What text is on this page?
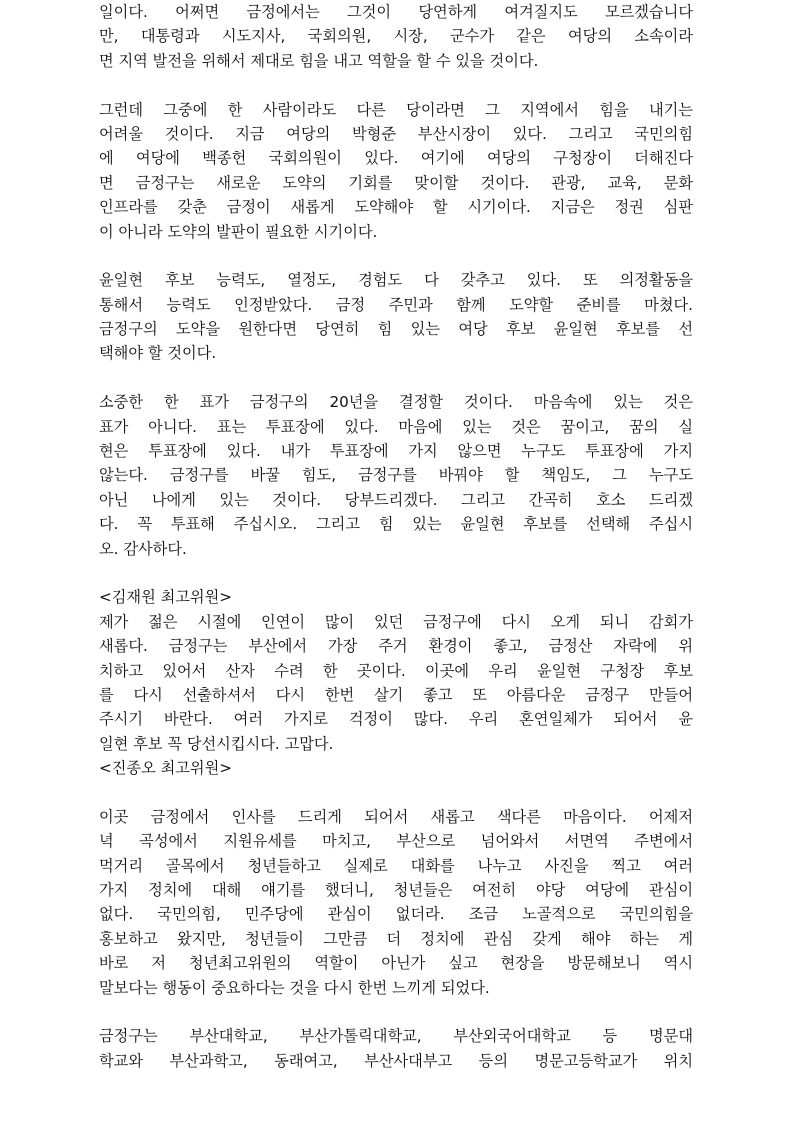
일이다. 어쩌면 금정에서는 그것이 당연하게 여겨질지도 모르겠습니다
만, 대통령과 시도지사, 국회의원, 시장, 군수가 같은 여당의 소속이라
면 지역 발전을 위해서 제대로 힘을 내고 역할을 할 수 있을 것이다.
그런데 그중에 한 사람이라도 다른 당이라면 그 지역에서 힘을 내기는
어려울 것이다. 지금 여당의 박형준 부산시장이 있다. 그리고 국민의힘
에 여당에 백종헌 국회의원이 있다. 여기에 여당의 구청장이 더해진다
면 금정구는 새로운 도약의 기회를 맞이할 것이다. 관광, 교육, 문화
인프라를 갖춘 금정이 새롭게 도약해야 할 시기이다. 지금은 정권 심판
이 아니라 도약의 발판이 필요한 시기이다.
윤일현 후보 능력도, 열정도, 경험도 다 갖추고 있다. 또 의정활동을
통해서 능력도 인정받았다. 금정 주민과 함께 도약할 준비를 마쳤다.
금정구의 도약을 원한다면 당연히 힘 있는 여당 후보 윤일현 후보를 선
택해야 할 것이다.
소중한 한 표가 금정구의 20년을 결정할 것이다. 마음속에 있는 것은
표가 아니다. 표는 투표장에 있다. 마음에 있는 것은 꿈이고, 꿈의 실
현은 투표장에 있다. 내가 투표장에 가지 않으면 누구도 투표장에 가지
않는다. 금정구를 바꿀 힘도, 금정구를 바꿔야 할 책임도, 그 누구도
아닌 나에게 있는 것이다. 당부드리겠다. 그리고 간곡히 호소 드리겠
다. 꼭 투표해 주십시오. 그리고 힘 있는 윤일현 후보를 선택해 주십시
오. 감사하다.
<김재원 최고위원>
제가 젊은 시절에 인연이 많이 있던 금정구에 다시 오게 되니 감회가
새롭다. 금정구는 부산에서 가장 주거 환경이 좋고, 금정산 자락에 위
치하고 있어서 산자 수려 한 곳이다. 이곳에 우리 윤일현 구청장 후보
를 다시 선출하셔서 다시 한번 살기 좋고 또 아름다운 금정구 만들어
주시기 바란다. 여러 가지로 걱정이 많다. 우리 혼연일체가 되어서 윤
일현 후보 꼭 당선시킵시다. 고맙다.
<진종오 최고위원>
이곳 금정에서 인사를 드리게 되어서 새롭고 색다른 마음이다. 어제저
녁 곡성에서 지원유세를 마치고, 부산으로 넘어와서 서면역 주변에서
먹거리 골목에서 청년들하고 실제로 대화를 나누고 사진을 찍고 여러
가지 정치에 대해 얘기를 했더니, 청년들은 여전히 야당 여당에 관심이
없다. 국민의힘, 민주당에 관심이 없더라. 조금 노골적으로 국민의힘을
홍보하고 왔지만, 청년들이 그만큼 더 정치에 관심 갖게 해야 하는 게
바로 저 청년최고위원의 역할이 아닌가 싶고 현장을 방문해보니 역시
말보다는 행동이 중요하다는 것을 다시 한번 느끼게 되었다.
금정구는 부산대학교, 부산가톨릭대학교, 부산외국어대학교 등 명문대
학교와 부산과학고, 동래여고, 부산사대부고 등의 명문고등학교가 위치
